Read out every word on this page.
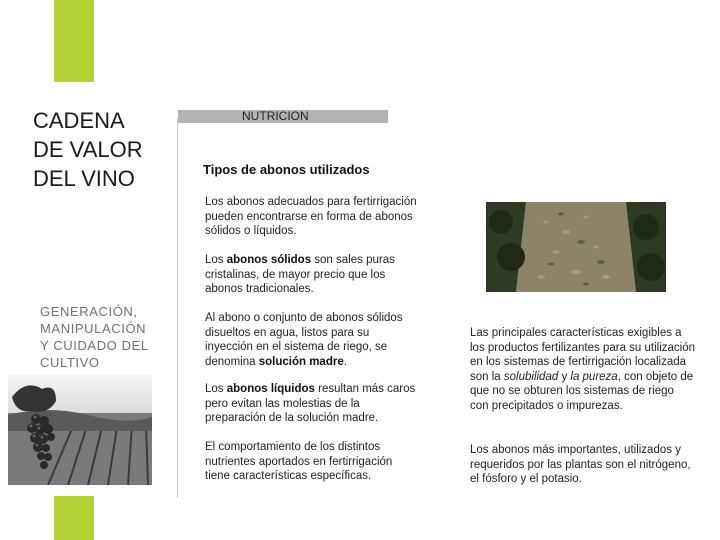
CADENA
DE VALOR
DEL VINO
GENERACIÓN,
MANIPULACIÓN
Y CUIDADO DEL
CULTIVO
NUTRICION
Tipos de abonos utilizados
Los abonos adecuados para fertirrigación pueden encontrarse en forma de abonos sólidos o líquidos.
Los abonos sólidos son sales puras cristalinas, de mayor precio que los abonos tradicionales.
Al abono o conjunto de abonos sólidos disueltos en agua, listos para su inyección en el sistema de riego, se denomina solución madre.
Los abonos líquidos resultan más caros pero evitan las molestias de la preparación de la solución madre.
El comportamiento de los distintos nutrientes aportados en fertirrigación tiene características específicas.
Las principales características exigibles a los productos fertilizantes para su utilización en los sistemas de fertirrigación localizada son la solubilidad y la pureza, con objeto de que no se obturen los sistemas de riego con precipitados o impurezas.
Los abonos más importantes, utilizados y requeridos por las plantas son el nitrógeno, el fósforo y el potasio.
